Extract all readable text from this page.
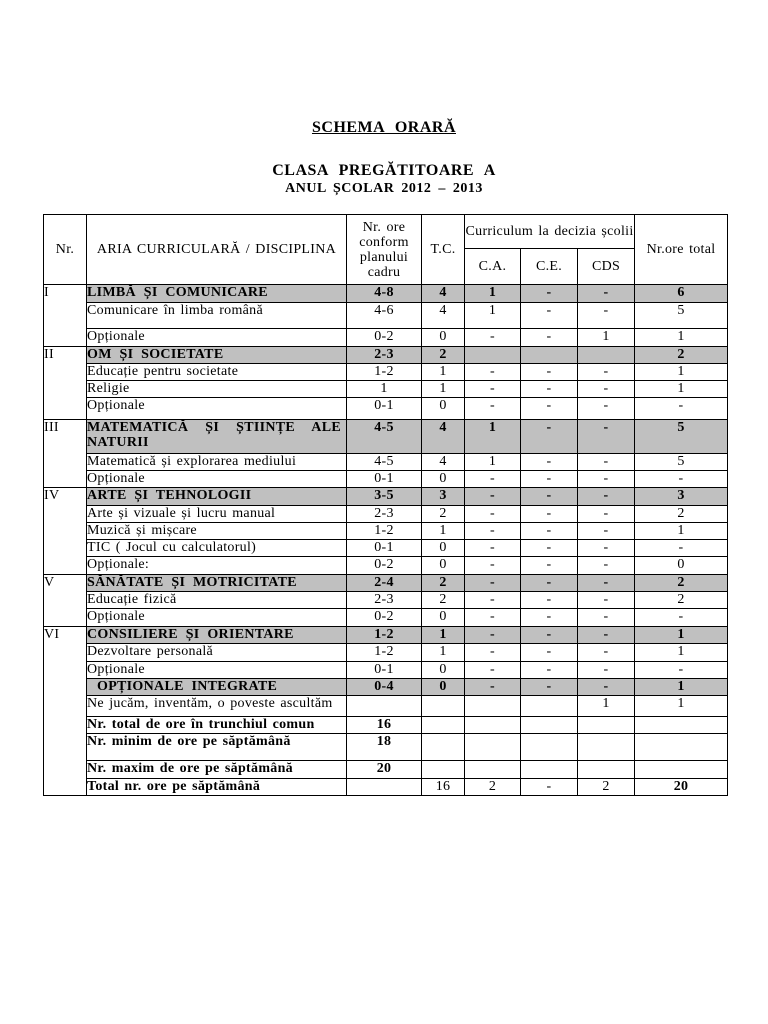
SCHEMA ORARĂ
CLASA PREGĂTITOARE A
ANUL ȘCOLAR 2012 – 2013
Nr.	ARIA CURRICULARĂ / DISCIPLINA	Nr. ore conform planului cadru	T.C.	Curriculum la decizia școlii			Nr.ore total
				C.A.	C.E.	CDS	
I	LIMBĂ ȘI COMUNICARE	4-8	4	1	-	-	6
	Comunicare în limba română	4-6	4	1	-	-	5
	Opționale	0-2	0	-	-	1	1
II	OM ȘI SOCIETATE	2-3	2				2
	Educație pentru societate	1-2	1	-	-	-	1
	Religie	1	1	-	-	-	1
	Opționale	0-1	0	-	-	-	-
III	MATEMATICĂ ȘI ȘTIINȚE ALE NATURII	4-5	4	1	-	-	5
	Matematică și explorarea mediului	4-5	4	1	-	-	5
	Opționale	0-1	0	-	-	-	-
IV	ARTE ȘI TEHNOLOGII	3-5	3	-	-	-	3
	Arte și vizuale și lucru manual	2-3	2	-	-	-	2
	Muzică și mișcare	1-2	1	-	-	-	1
	TIC ( Jocul cu calculatorul)	0-1	0	-	-	-	-
	Opționale:	0-2	0	-	-	-	0
V	SĂNĂTATE ȘI MOTRICITATE	2-4	2	-	-	-	2
	Educație fizică	2-3	2	-	-	-	2
	Opționale	0-2	0	-	-	-	-
VI	CONSILIERE ȘI ORIENTARE	1-2	1	-	-	-	1
	Dezvoltare personală	1-2	1	-	-	-	1
	Opționale	0-1	0	-	-	-	-
	OPȚIONALE INTEGRATE	0-4	0	-	-	-	1
	Ne jucăm, inventăm, o poveste ascultăm					1	1
	Nr. total de ore în trunchiul comun	16					
	Nr. minim de ore pe săptămână	18					
	Nr. maxim de ore pe săptămână	20					
	Total nr. ore pe săptămână		16	2	-	2	20
